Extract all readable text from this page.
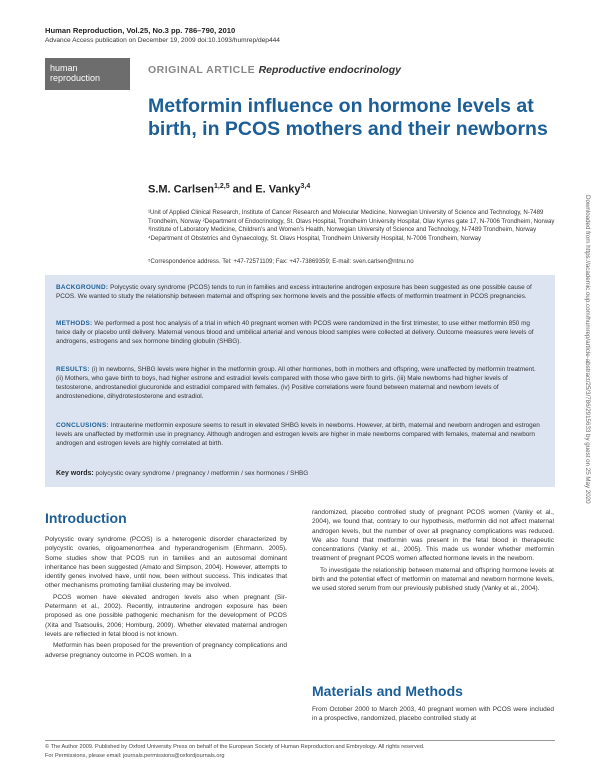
Human Reproduction, Vol.25, No.3 pp. 786–790, 2010
Advance Access publication on December 19, 2009 doi:10.1093/humrep/dep444
human
reproduction
ORIGINAL ARTICLE Reproductive endocrinology
Metformin influence on hormone levels at birth, in PCOS mothers and their newborns
S.M. Carlsen$^{1,2,5}$ and E. Vanky$^{3,4}$
¹Unit of Applied Clinical Research, Institute of Cancer Research and Molecular Medicine, Norwegian University of Science and Technology, N-7489 Trondheim, Norway ²Department of Endocrinology, St. Olavs Hospital, Trondheim University Hospital, Olav Kyrres gate 17, N-7006 Trondheim, Norway ³Institute of Laboratory Medicine, Children's and Women's Health, Norwegian University of Science and Technology, N-7489 Trondheim, Norway ⁴Department of Obstetrics and Gynaecology, St. Olavs Hospital, Trondheim University Hospital, N-7006 Trondheim, Norway
⁵Correspondence address. Tel: +47-72571109; Fax: +47-73869359; E-mail: sven.carlsen@ntnu.no	Downloaded from https://academic.oup.com/humrep/article-abstract/25/3/786/2915633 by guest on 25 May 2020

BACKGROUND: Polycystic ovary syndrome (PCOS) tends to run in families and excess intrauterine androgen exposure has been suggested as one possible cause of PCOS. We wanted to study the relationship between maternal and offspring sex hormone levels and the possible effects of metformin treatment in PCOS pregnancies.

METHODS: We performed a post hoc analysis of a trial in which 40 pregnant women with PCOS were randomized in the first trimester, to use either metformin 850 mg twice daily or placebo until delivery. Maternal venous blood and umbilical arterial and venous blood samples were collected at delivery. Outcome measures were levels of androgens, estrogens and sex hormone binding globulin (SHBG).

RESULTS: (i) In newborns, SHBG levels were higher in the metformin group. All other hormones, both in mothers and offspring, were unaffected by metformin treatment. (ii) Mothers, who gave birth to boys, had higher estrone and estradiol levels compared with those who gave birth to girls. (iii) Male newborns had higher levels of testosterone, androstanediol glucuronide and estradiol compared with females. (iv) Positive correlations were found between maternal and newborn levels of androstenedione, dihydrotestosterone and estradiol.

CONCLUSIONS: Intrauterine metformin exposure seems to result in elevated SHBG levels in newborns. However, at birth, maternal and newborn androgen and estrogen levels are unaffected by metformin use in pregnancy. Although androgen and estrogen levels are higher in male newborns compared with females, maternal and newborn androgen and estrogen levels are highly correlated at birth.

Key words: polycystic ovary syndrome / pregnancy / metformin / sex hormones / SHBG
Introduction

Polycystic ovary syndrome (PCOS) is a heterogenic disorder characterized by polycystic ovaries, oligoamenorrhea and hyperandrogenism (Ehrmann, 2005). Some studies show that PCOS run in families and an autosomal dominant inheritance has been suggested (Amato and Simpson, 2004). However, attempts to identify genes involved have, until now, been without success. This indicates that other mechanisms promoting familial clustering may be involved.

PCOS women have elevated androgen levels also when pregnant (Sir-Petermann et al., 2002). Recently, intrauterine androgen exposure has been proposed as one possible pathogenic mechanism for the development of PCOS (Xita and Tsatsoulis, 2006; Homburg, 2009). Whether elevated maternal androgen levels are reflected in fetal blood is not known.

Metformin has been proposed for the prevention of pregnancy complications and adverse pregnancy outcome in PCOS women. In a

randomized, placebo controlled study of pregnant PCOS women (Vanky et al., 2004), we found that, contrary to our hypothesis, metformin did not affect maternal androgen levels, but the number of over all pregnancy complications was reduced. We also found that metformin was present in the fetal blood in therapeutic concentrations (Vanky et al., 2005). This made us wonder whether metformin treatment of pregnant PCOS women affected hormone levels in the newborn.

To investigate the relationship between maternal and offspring hormone levels at birth and the potential effect of metformin on maternal and newborn hormone levels, we used stored serum from our previously published study (Vanky et al., 2004).

Materials and Methods

From October 2000 to March 2003, 40 pregnant women with PCOS were included in a prospective, randomized, placebo controlled study at

© The Author 2009. Published by Oxford University Press on behalf of the European Society of Human Reproduction and Embryology. All rights reserved.
For Permissions, please email: journals.permissions@oxfordjournals.org
